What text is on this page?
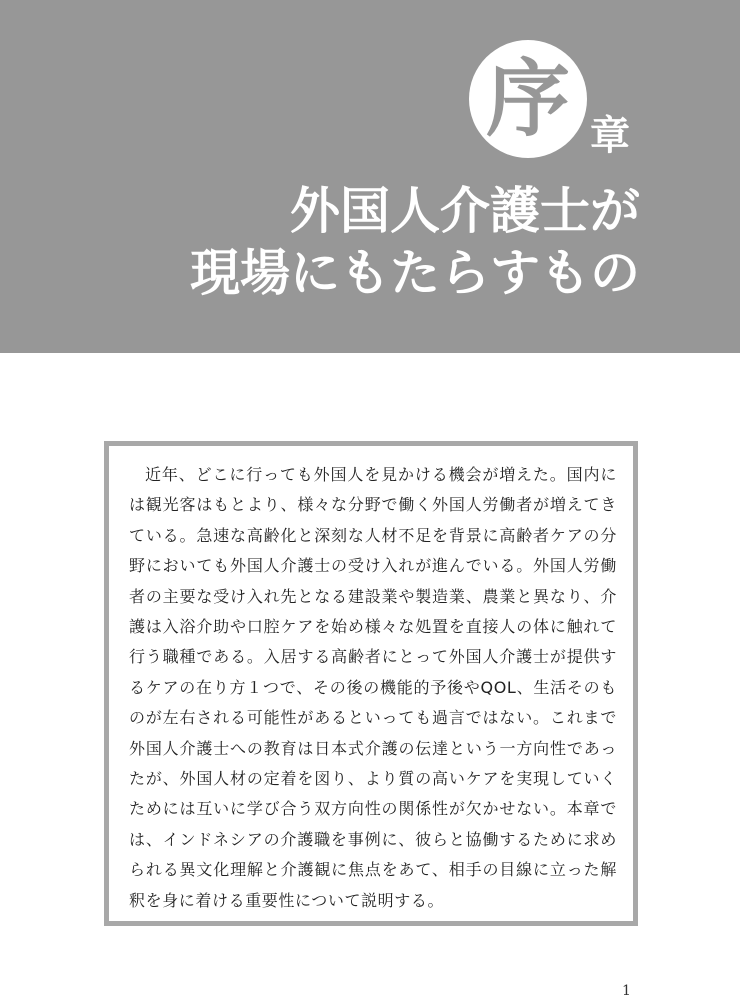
序 章
外国人介護士が
現場にもたらすもの

近年、どこに行っても外国人を見かける機会が増えた。国内には観光客はもとより、様々な分野で働く外国人労働者が増えてきている。急速な高齢化と深刻な人材不足を背景に高齢者ケアの分野においても外国人介護士の受け入れが進んでいる。外国人労働者の主要な受け入れ先となる建設業や製造業、農業と異なり、介護は入浴介助や口腔ケアを始め様々な処置を直接人の体に触れて行う職種である。入居する高齢者にとって外国人介護士が提供するケアの在り方１つで、その後の機能的予後やQOL、生活そのものが左右される可能性があるといっても過言ではない。これまで外国人介護士への教育は日本式介護の伝達という一方向性であったが、外国人材の定着を図り、より質の高いケアを実現していくためには互いに学び合う双方向性の関係性が欠かせない。本章では、インドネシアの介護職を事例に、彼らと協働するために求められる異文化理解と介護観に焦点をあて、相手の目線に立った解釈を身に着ける重要性について説明する。

1
